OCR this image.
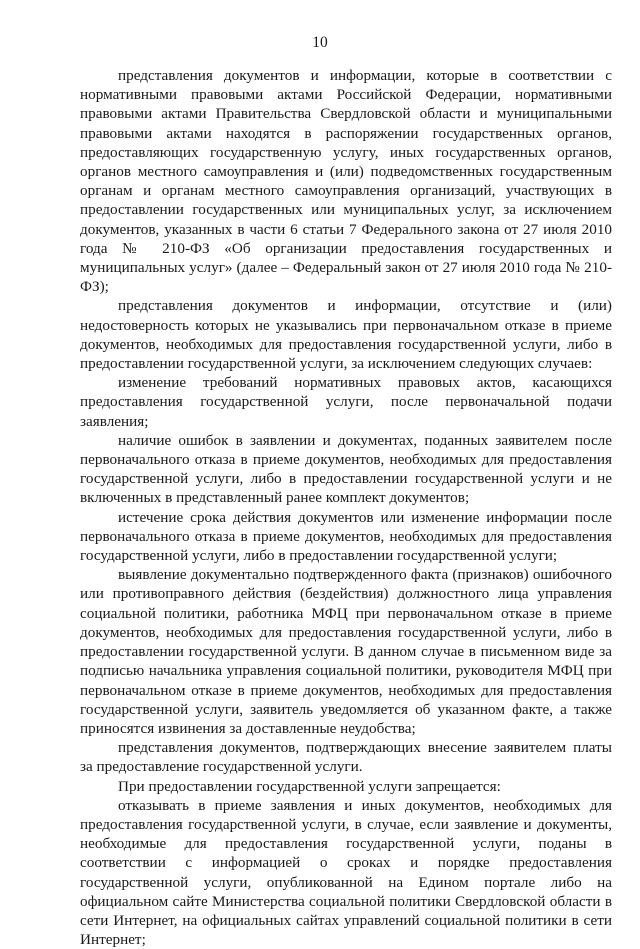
10

представления документов и информации, которые в соответствии с нормативными правовыми актами Российской Федерации, нормативными правовыми актами Правительства Свердловской области и муниципальными правовыми актами находятся в распоряжении государственных органов, предоставляющих государственную услугу, иных государственных органов, органов местного самоуправления и (или) подведомственных государственным органам и органам местного самоуправления организаций, участвующих в предоставлении государственных или муниципальных услуг, за исключением документов, указанных в части 6 статьи 7 Федерального закона от 27 июля 2010 года № 210-ФЗ «Об организации предоставления государственных и муниципальных услуг» (далее – Федеральный закон от 27 июля 2010 года № 210-ФЗ);

представления документов и информации, отсутствие и (или) недостоверность которых не указывались при первоначальном отказе в приеме документов, необходимых для предоставления государственной услуги, либо в предоставлении государственной услуги, за исключением следующих случаев:

изменение требований нормативных правовых актов, касающихся предоставления государственной услуги, после первоначальной подачи заявления;

наличие ошибок в заявлении и документах, поданных заявителем после первоначального отказа в приеме документов, необходимых для предоставления государственной услуги, либо в предоставлении государственной услуги и не включенных в представленный ранее комплект документов;

истечение срока действия документов или изменение информации после первоначального отказа в приеме документов, необходимых для предоставления государственной услуги, либо в предоставлении государственной услуги;

выявление документально подтвержденного факта (признаков) ошибочного или противоправного действия (бездействия) должностного лица управления социальной политики, работника МФЦ при первоначальном отказе в приеме документов, необходимых для предоставления государственной услуги, либо в предоставлении государственной услуги. В данном случае в письменном виде за подписью начальника управления социальной политики, руководителя МФЦ при первоначальном отказе в приеме документов, необходимых для предоставления государственной услуги, заявитель уведомляется об указанном факте, а также приносятся извинения за доставленные неудобства;

представления документов, подтверждающих внесение заявителем платы за предоставление государственной услуги.

При предоставлении государственной услуги запрещается:

отказывать в приеме заявления и иных документов, необходимых для предоставления государственной услуги, в случае, если заявление и документы, необходимые для предоставления государственной услуги, поданы в соответствии с информацией о сроках и порядке предоставления государственной услуги, опубликованной на Едином портале либо на официальном сайте Министерства социальной политики Свердловской области в сети Интернет, на официальных сайтах управлений социальной политики в сети Интернет;
